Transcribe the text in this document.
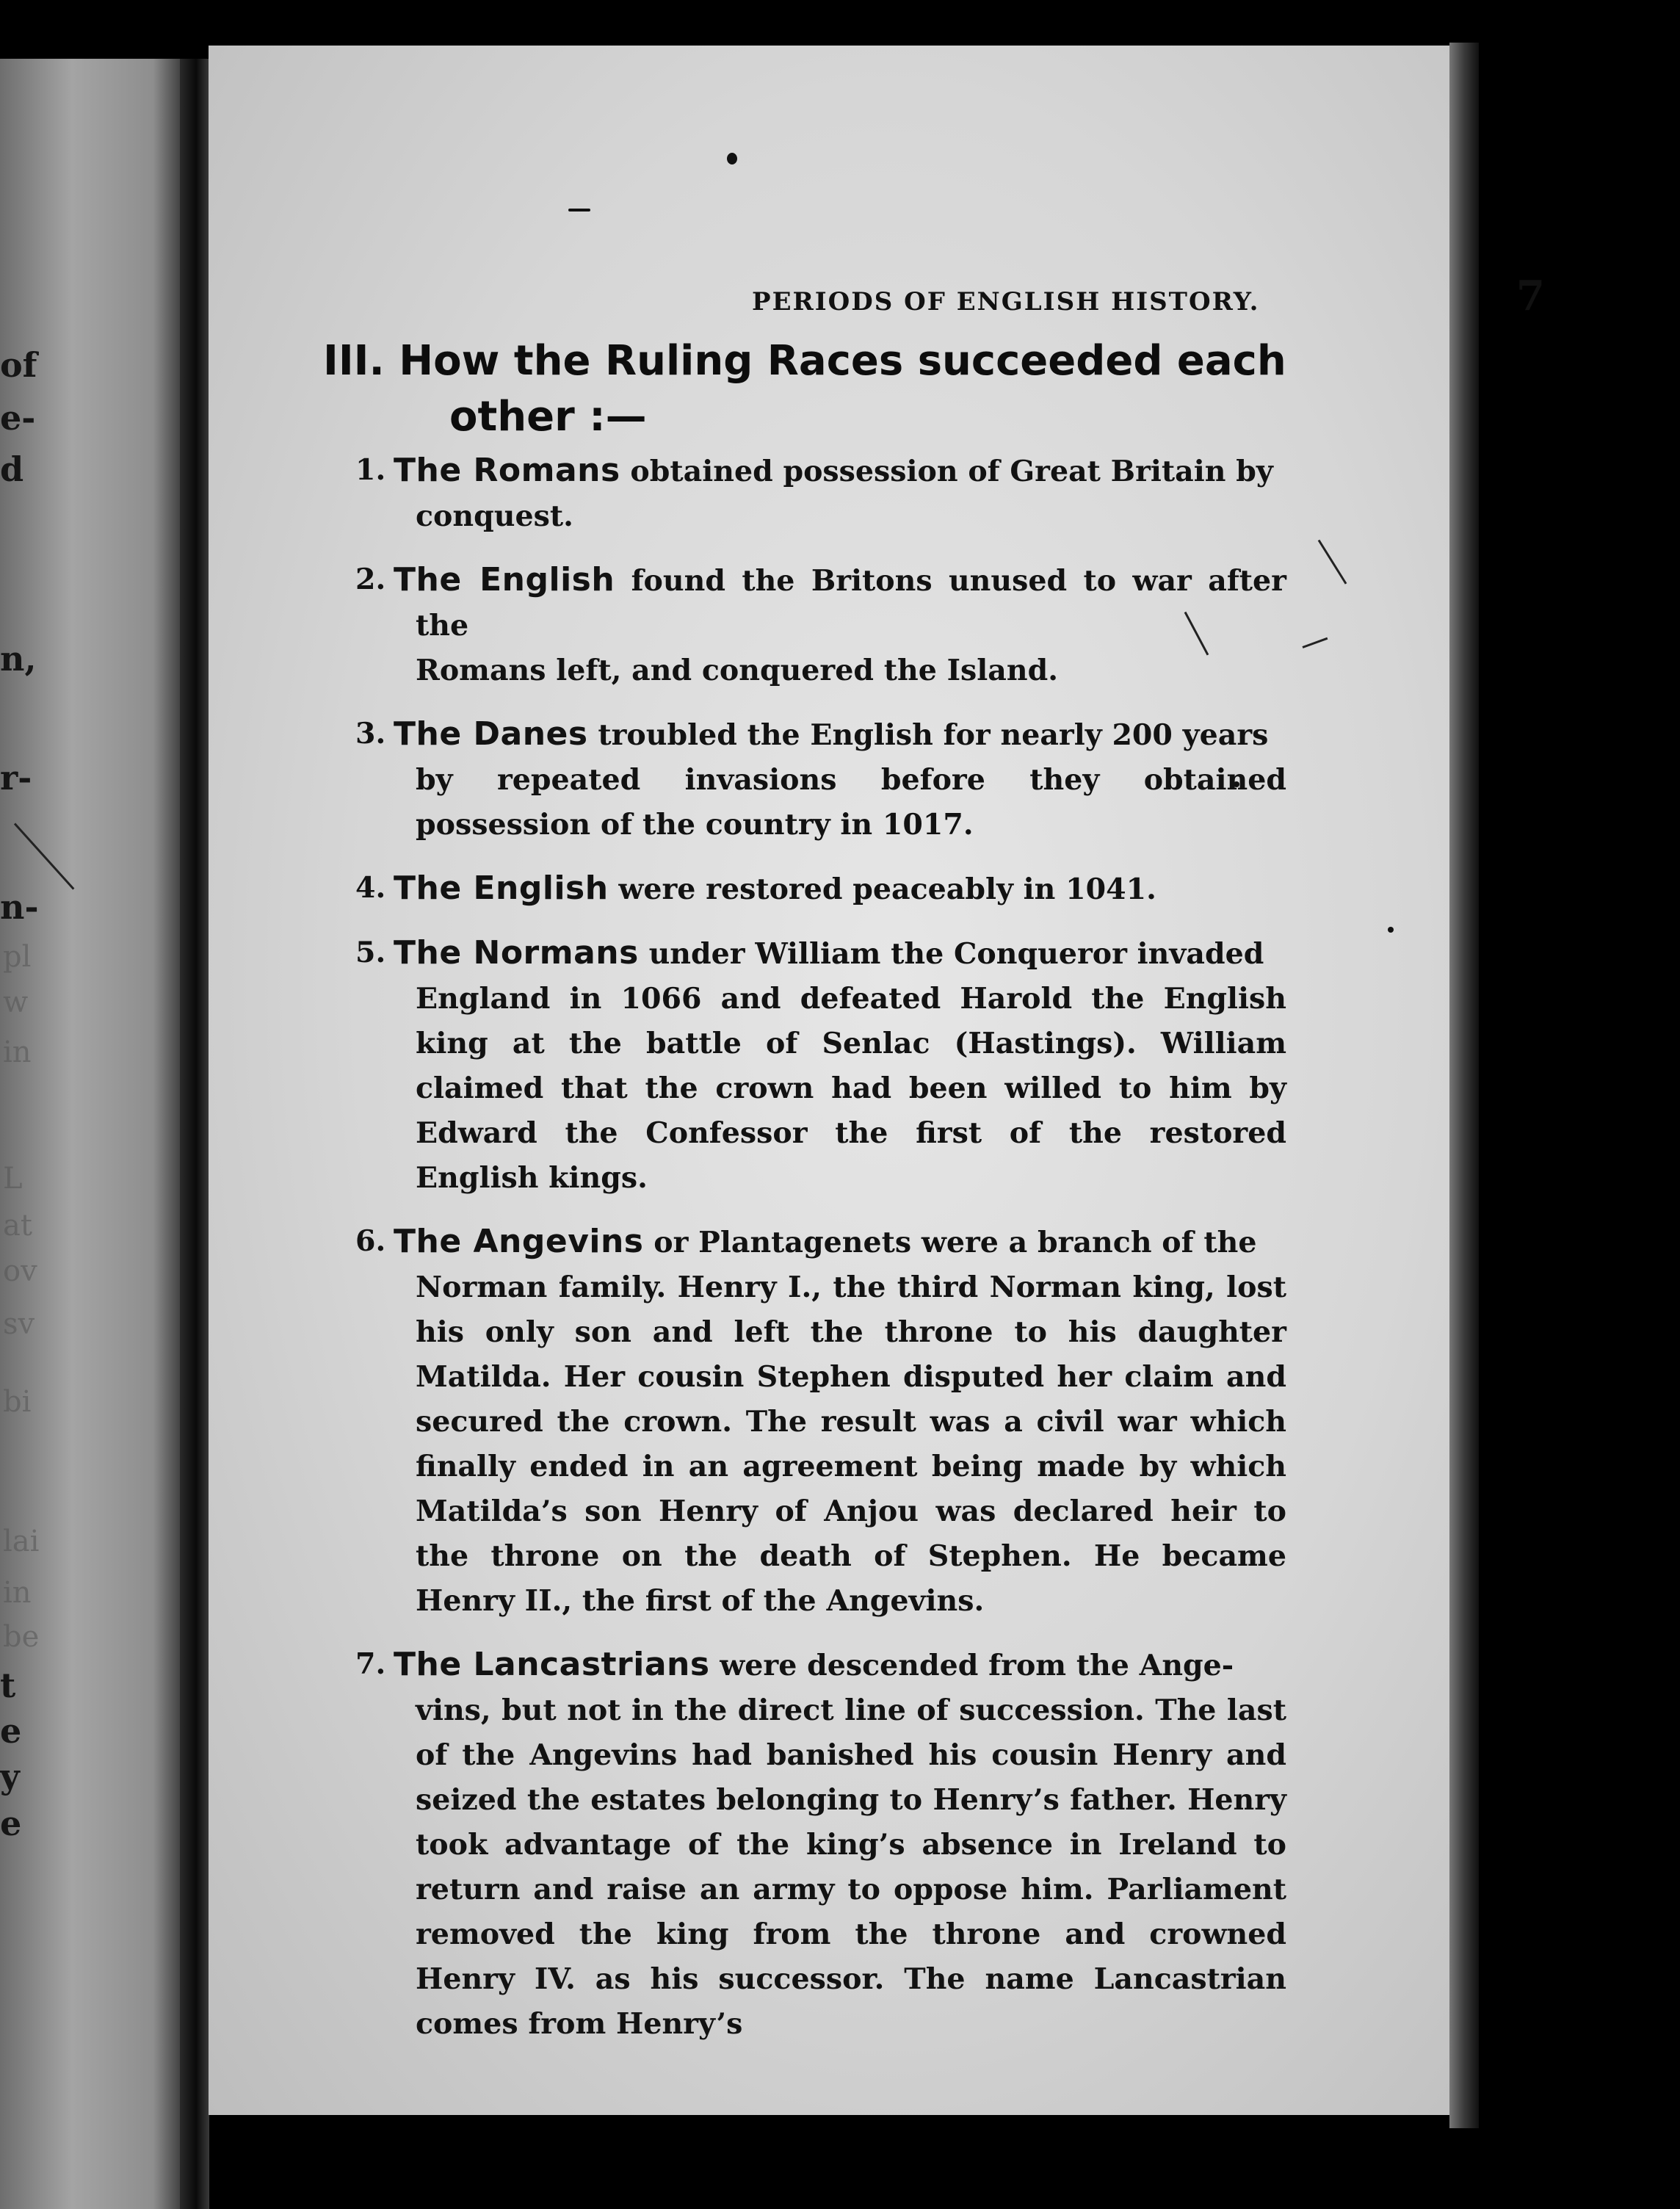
of
e-
d
n,
r-
n-
pl
w
in
L
at
ov
sv
bi
lai
in
be
t
e
y
e
PERIODS OF ENGLISH HISTORY.	7
III. How the Ruling Races succeeded each
other :—
1. The Romans obtained possession of Great Britain by
conquest.
2. The English found the Britons unused to war after the
Romans left, and conquered the Island.
3. The Danes troubled the English for nearly 200 years
by repeated invasions before they obtained possession of the country in 1017.
4. The English were restored peaceably in 1041.
5. The Normans under William the Conqueror invaded
England in 1066 and defeated Harold the English king at the battle of Senlac (Hastings). William claimed that the crown had been willed to him by Edward the Confessor the first of the restored English kings.
6. The Angevins or Plantagenets were a branch of the
Norman family. Henry I., the third Norman king, lost his only son and left the throne to his daughter Matilda. Her cousin Stephen disputed her claim and secured the crown. The result was a civil war which finally ended in an agreement being made by which Matilda’s son Henry of Anjou was declared heir to the throne on the death of Stephen. He became Henry II., the first of the Angevins.
7. The Lancastrians were descended from the Ange-
vins, but not in the direct line of succession. The last of the Angevins had banished his cousin Henry and seized the estates belonging to Henry’s father. Henry took advantage of the king’s absence in Ireland to return and raise an army to oppose him. Parliament removed the king from the throne and crowned Henry IV. as his successor. The name Lancastrian comes from Henry’s
